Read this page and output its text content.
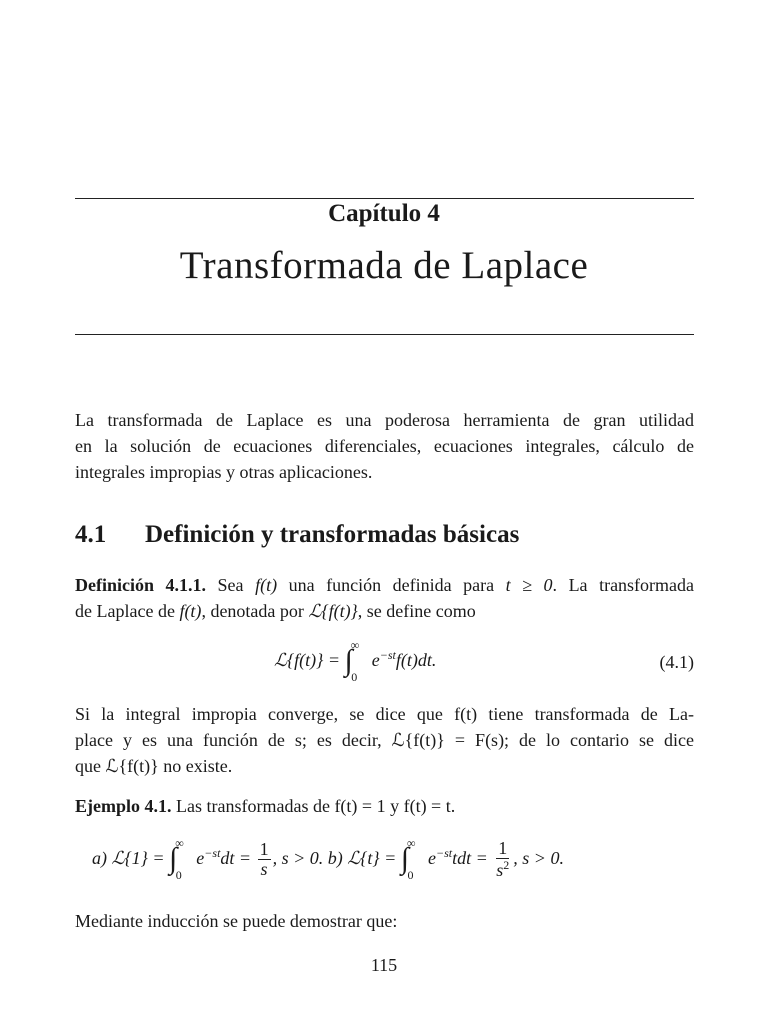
Capítulo 4
Transformada de Laplace
La transformada de Laplace es una poderosa herramienta de gran utilidad
en la solución de ecuaciones diferenciales, ecuaciones integrales, cálculo de
integrales impropias y otras aplicaciones.
4.1 Definición y transformadas básicas
Definición 4.1.1. Sea f(t) una función definida para t ≥ 0. La transformada
de Laplace de f(t), denotada por ℒ{f(t)}, se define como
ℒ{f(t)} = $\int^\infty_0$ $e^{-st}f(t)dt$.	(4.1)
Si la integral impropia converge, se dice que f(t) tiene transformada de La-
place y es una función de s; es decir, ℒ{f(t)} = F(s); de lo contario se dice
que ℒ{f(t)} no existe.
Ejemplo 4.1. Las transformadas de f(t) = 1 y f(t) = t.
a) ℒ{1} = $\int^\infty_0$ $e^{-st}dt = \frac{1}{s}$ , s > 0. b) ℒ{t} = $\int^\infty_0$ $e^{-st}tdt = \frac{1}{s^2}$ , s > 0.
Mediante inducción se puede demostrar que:
115
